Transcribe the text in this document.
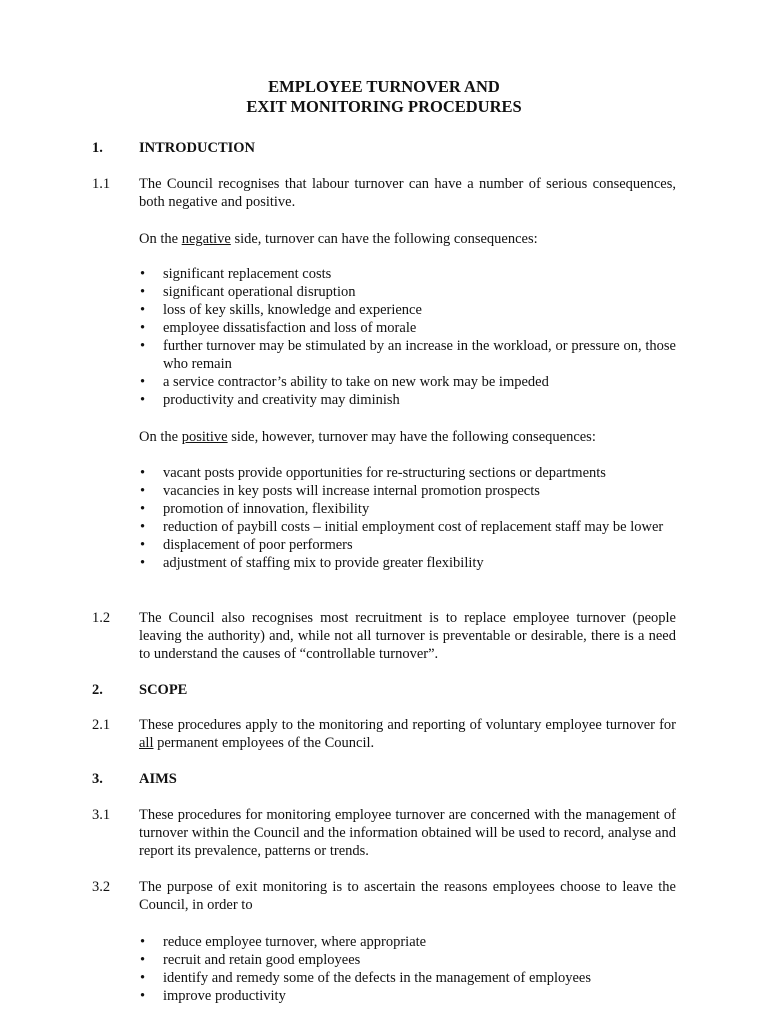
EMPLOYEE TURNOVER AND
EXIT MONITORING PROCEDURES
1. INTRODUCTION
1.1 The Council recognises that labour turnover can have a number of serious consequences, both negative and positive.
On the negative side, turnover can have the following consequences:
• significant replacement costs
• significant operational disruption
• loss of key skills, knowledge and experience
• employee dissatisfaction and loss of morale
• further turnover may be stimulated by an increase in the workload, or pressure on, those who remain
• a service contractor’s ability to take on new work may be impeded
• productivity and creativity may diminish
On the positive side, however, turnover may have the following consequences:
• vacant posts provide opportunities for re-structuring sections or departments
• vacancies in key posts will increase internal promotion prospects
• promotion of innovation, flexibility
• reduction of paybill costs – initial employment cost of replacement staff may be lower
• displacement of poor performers
• adjustment of staffing mix to provide greater flexibility
1.2 The Council also recognises most recruitment is to replace employee turnover (people leaving the authority) and, while not all turnover is preventable or desirable, there is a need to understand the causes of “controllable turnover”.
2. SCOPE
2.1 These procedures apply to the monitoring and reporting of voluntary employee turnover for all permanent employees of the Council.
3. AIMS
3.1 These procedures for monitoring employee turnover are concerned with the management of turnover within the Council and the information obtained will be used to record, analyse and report its prevalence, patterns or trends.
3.2 The purpose of exit monitoring is to ascertain the reasons employees choose to leave the Council, in order to
• reduce employee turnover, where appropriate
• recruit and retain good employees
• identify and remedy some of the defects in the management of employees
• improve productivity
